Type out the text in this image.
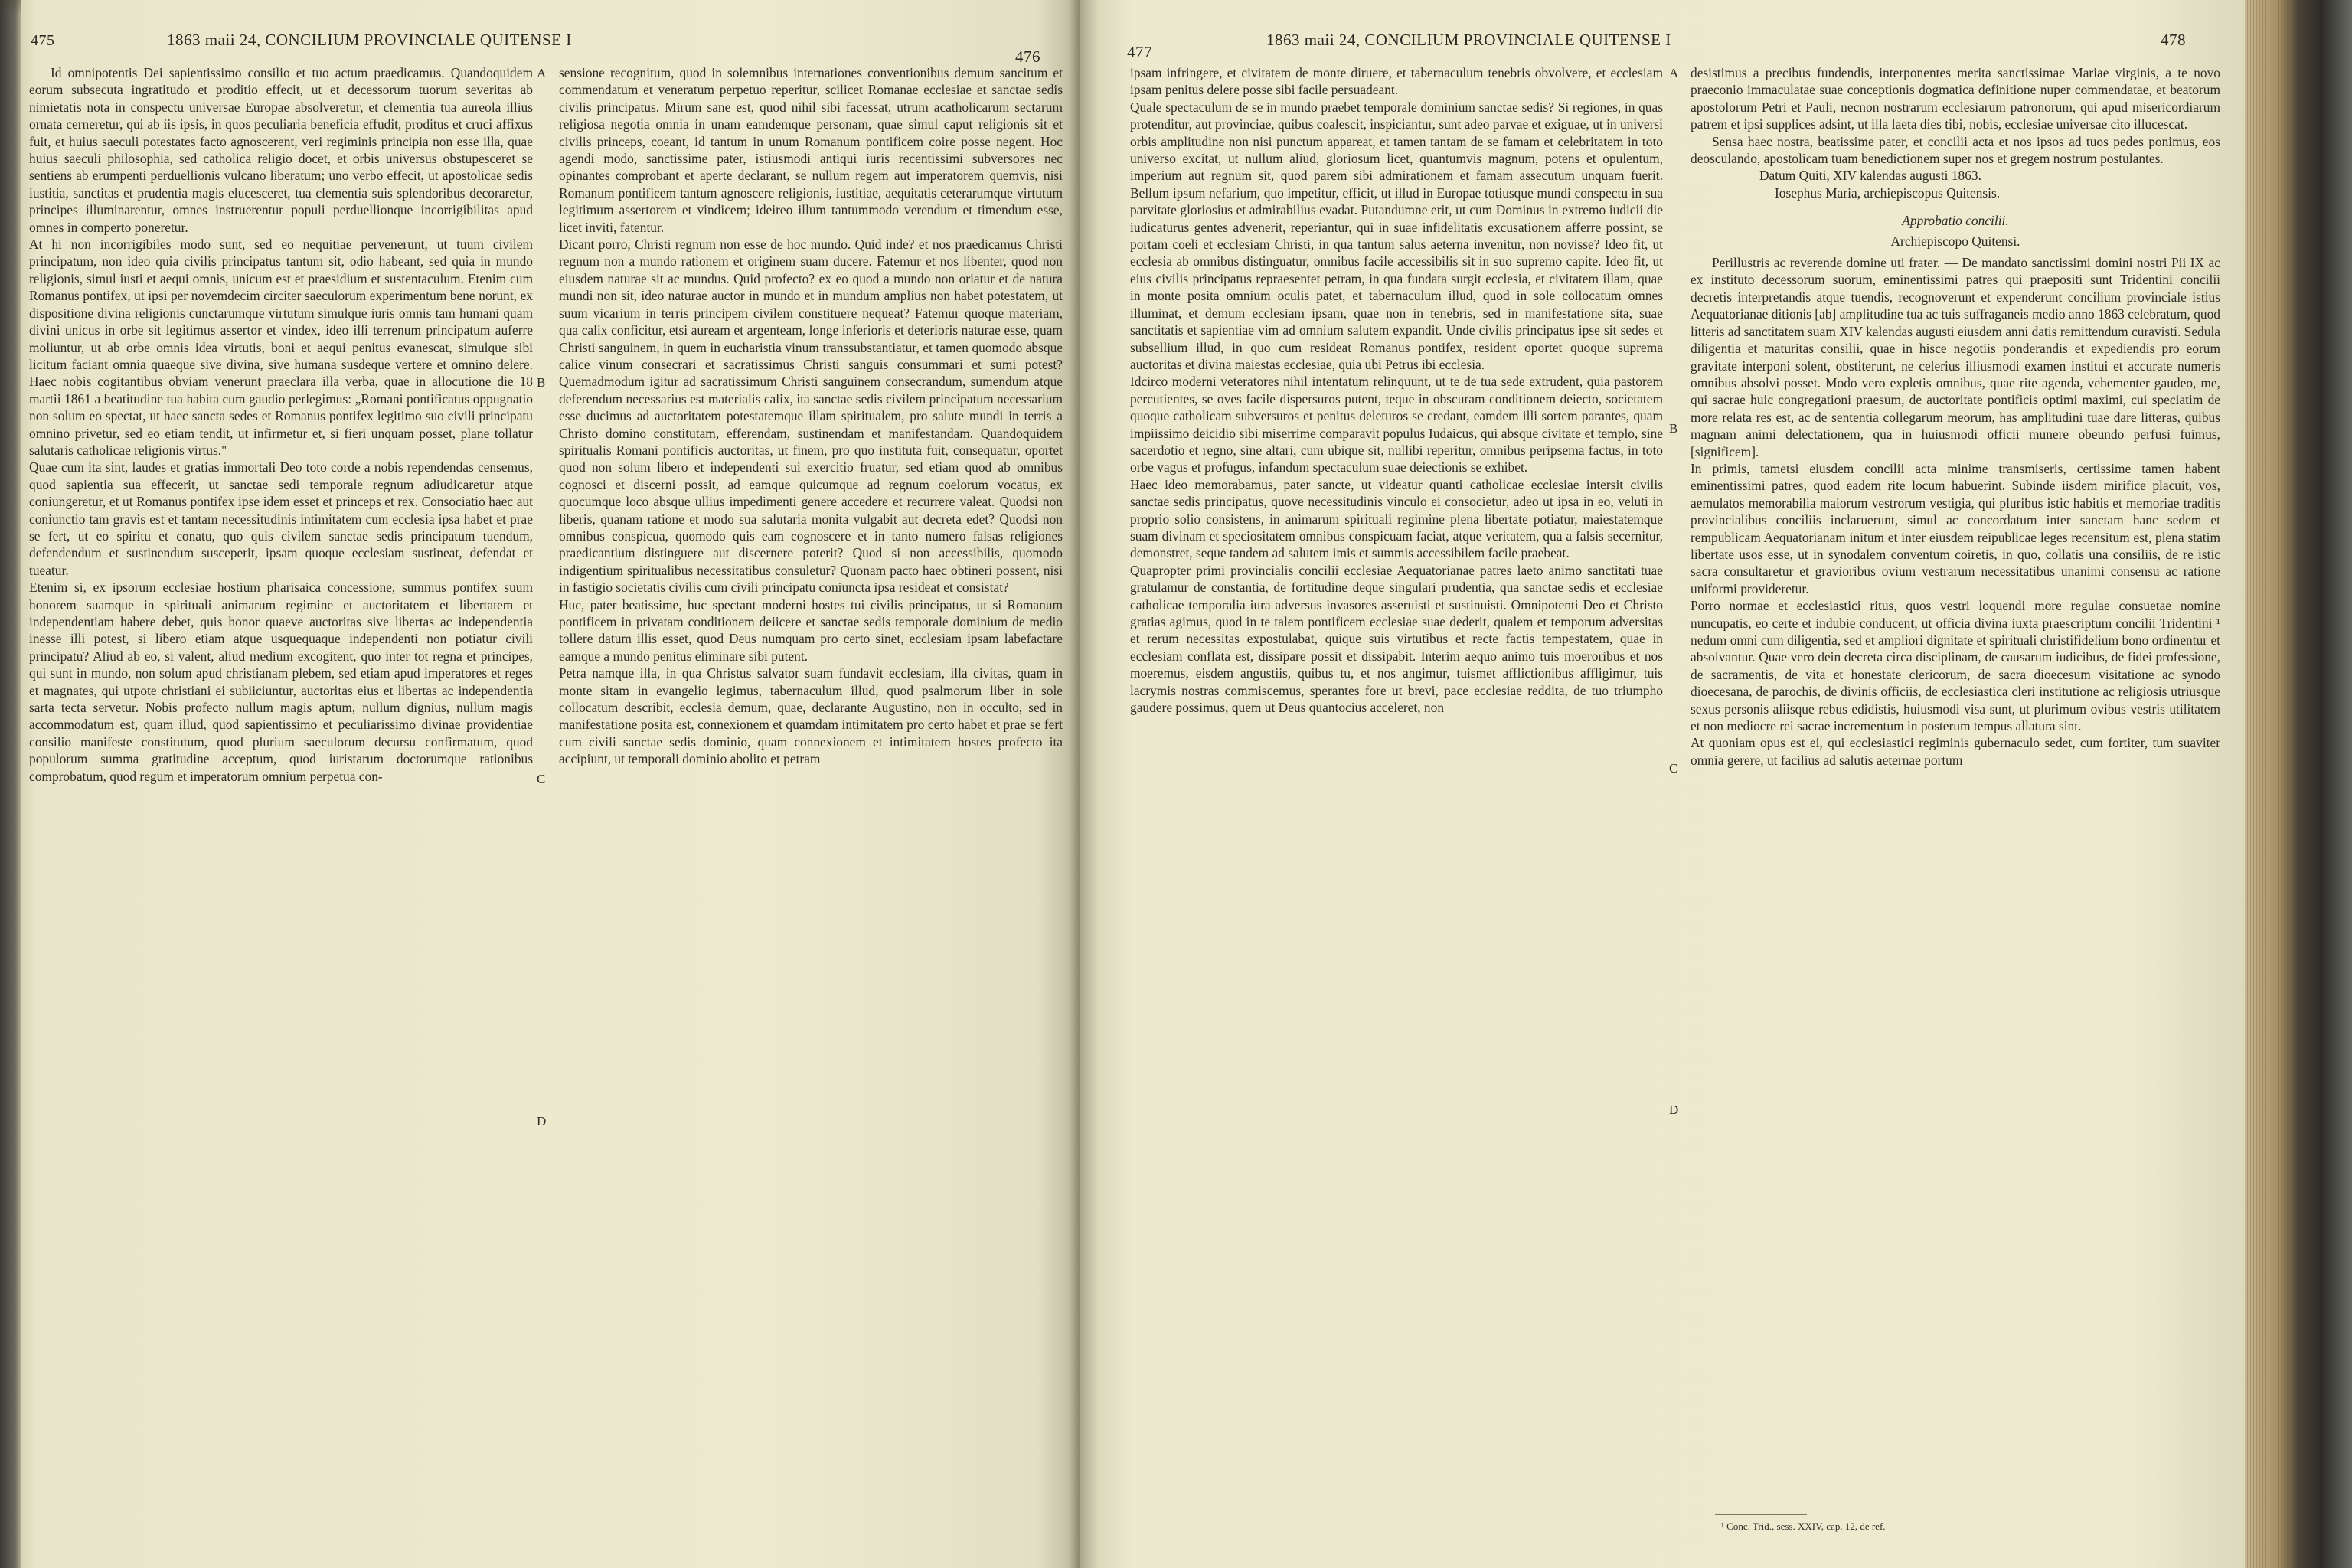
475	1863 maii 24, CONCILIUM PROVINCIALE QUITENSE I
476

Id omnipotentis Dei sapientissimo consilio et tuo actum praedicamus. Quandoquidem eorum subsecuta ingratitudo et proditio effecit, ut et decessorum tuorum severitas ab nimietatis nota in conspectu universae Europae absolveretur, et clementia tua aureola illius ornata cerneretur, qui ab iis ipsis, in quos peculiaria beneficia effudit, proditus et cruci affixus fuit, et huius saeculi potestates facto agnoscerent, veri regiminis principia non esse illa, quae huius saeculi philosophia, sed catholica religio docet, et orbis universus obstupesceret se sentiens ab erumpenti perduellionis vulcano liberatum; uno verbo effecit, ut apostolicae sedis iustitia, sanctitas et prudentia magis elucesceret, tua clementia suis splendoribus decoraretur, principes illuminarentur, omnes instruerentur populi perduellionque incorrigibilitas apud omnes in comperto poneretur.
At hi non incorrigibiles modo sunt, sed eo nequitiae pervenerunt, ut tuum civilem principatum, non ideo quia civilis principatus tantum sit, odio habeant, sed quia in mundo religionis, simul iusti et aequi omnis, unicum est et praesidium et sustentaculum. Etenim cum Romanus pontifex, ut ipsi per novemdecim circiter saeculorum experimentum bene norunt, ex dispositione divina religionis cunctarumque virtutum simulque iuris omnis tam humani quam divini unicus in orbe sit legitimus assertor et vindex, ideo illi terrenum principatum auferre moliuntur, ut ab orbe omnis idea virtutis, boni et aequi penitus evanescat, simulque sibi licitum faciant omnia quaeque sive divina, sive humana susdeque vertere et omnino delere. Haec nobis cogitantibus obviam venerunt praeclara illa verba, quae in allocutione die 18 martii 1861 a beatitudine tua habita cum gaudio perlegimus: „Romani pontificatus oppugnatio non solum eo spectat, ut haec sancta sedes et Romanus pontifex legitimo suo civili principatu omnino privetur, sed eo etiam tendit, ut infirmetur et, si fieri unquam posset, plane tollatur salutaris catholicae religionis virtus."
Quae cum ita sint, laudes et gratias immortali Deo toto corde a nobis rependendas censemus, quod sapientia sua effecerit, ut sanctae sedi temporale regnum adiudicaretur atque coniungeretur, et ut Romanus pontifex ipse idem esset et princeps et rex. Consociatio haec aut coniunctio tam gravis est et tantam necessitudinis intimitatem cum ecclesia ipsa habet et prae se fert, ut eo spiritu et conatu, quo quis civilem sanctae sedis principatum tuendum, defendendum et sustinendum susceperit, ipsam quoque ecclesiam sustineat, defendat et tueatur.
Etenim si, ex ipsorum ecclesiae hostium pharisaica concessione, summus pontifex suum honorem suamque in spirituali animarum regimine et auctoritatem et libertatem et independentiam habere debet, quis honor quaeve auctoritas sive libertas ac independentia inesse illi potest, si libero etiam atque usquequaque independenti non potiatur civili principatu? Aliud ab eo, si valent, aliud medium excogitent, quo inter tot regna et principes, qui sunt in mundo, non solum apud christianam plebem, sed etiam apud imperatores et reges et magnates, qui utpote christiani ei subiiciuntur, auctoritas eius et libertas ac independentia sarta tecta servetur. Nobis profecto nullum magis aptum, nullum dignius, nullum magis accommodatum est, quam illud, quod sapientissimo et peculiarissimo divinae providentiae consilio manifeste constitutum, quod plurium saeculorum decursu confirmatum, quod populorum summa gratitudine acceptum, quod iuristarum doctorumque rationibus comprobatum, quod regum et imperatorum omnium perpetua con-

sensione recognitum, quod in solemnibus internationes conventionibus demum sancitum et commendatum et veneratum perpetuo reperitur, scilicet Romanae ecclesiae et sanctae sedis civilis principatus. Mirum sane est, quod nihil sibi facessat, utrum acatholicarum sectarum religiosa negotia omnia in unam eamdemque personam, quae simul caput religionis sit et civilis princeps, coeant, id tantum in unum Romanum pontificem coire posse negent. Hoc agendi modo, sanctissime pater, istiusmodi antiqui iuris recentissimi subversores nec opinantes comprobant et aperte declarant, se nullum regem aut imperatorem quemvis, nisi Romanum pontificem tantum agnoscere religionis, iustitiae, aequitatis ceterarumque virtutum legitimum assertorem et vindicem; ideireo illum tantummodo verendum et timendum esse, licet inviti, fatentur.
Dicant porro, Christi regnum non esse de hoc mundo. Quid inde? et nos praedicamus Christi regnum non a mundo rationem et originem suam ducere. Fatemur et nos libenter, quod non eiusdem naturae sit ac mundus. Quid profecto? ex eo quod a mundo non oriatur et de natura mundi non sit, ideo naturae auctor in mundo et in mundum amplius non habet potestatem, ut suum vicarium in terris principem civilem constituere nequeat? Fatemur quoque materiam, qua calix conficitur, etsi auream et argenteam, longe inferioris et deterioris naturae esse, quam Christi sanguinem, in quem in eucharistia vinum transsubstantiatur, et tamen quomodo absque calice vinum consecrari et sacratissimus Christi sanguis consummari et sumi potest? Quemadmodum igitur ad sacratissimum Christi sanguinem consecrandum, sumendum atque deferendum necessarius est materialis calix, ita sanctae sedis civilem principatum necessarium esse ducimus ad auctoritatem potestatemque illam spiritualem, pro salute mundi in terris a Christo domino constitutam, efferendam, sustinendam et manifestandam. Quandoquidem spiritualis Romani pontificis auctoritas, ut finem, pro quo instituta fuit, consequatur, oportet quod non solum libero et independenti sui exercitio fruatur, sed etiam quod ab omnibus cognosci et discerni possit, ad eamque quicumque ad regnum coelorum vocatus, ex quocumque loco absque ullius impedimenti genere accedere et recurrere valeat. Quodsi non liberis, quanam ratione et modo sua salutaria monita vulgabit aut decreta edet? Quodsi non omnibus conspicua, quomodo quis eam cognoscere et in tanto numero falsas religiones praedicantium distinguere aut discernere poterit? Quod si non accessibilis, quomodo indigentium spiritualibus necessitatibus consuletur? Quonam pacto haec obtineri possent, nisi in fastigio societatis civilis cum civili principatu coniuncta ipsa resideat et consistat?
Huc, pater beatissime, huc spectant moderni hostes tui civilis principatus, ut si Romanum pontificem in privatam conditionem deiicere et sanctae sedis temporale dominium de medio tollere datum illis esset, quod Deus numquam pro certo sinet, ecclesiam ipsam labefactare eamque a mundo penitus eliminare sibi putent.
Petra namque illa, in qua Christus salvator suam fundavit ecclesiam, illa civitas, quam in monte sitam in evangelio legimus, tabernaculum illud, quod psalmorum liber in sole collocatum describit, ecclesia demum, quae, declarante Augustino, non in occulto, sed in manifestatione posita est, connexionem et quamdam intimitatem pro certo habet et prae se fert cum civili sanctae sedis dominio, quam connexionem et intimitatem hostes profecto ita accipiunt, ut temporali dominio abolito et petram

A
B
C
D
477
1863 maii 24, CONCILIUM PROVINCIALE QUITENSE I	478

ipsam infringere, et civitatem de monte diruere, et tabernaculum tenebris obvolvere, et ecclesiam ipsam penitus delere posse sibi facile persuadeant.
Quale spectaculum de se in mundo praebet temporale dominium sanctae sedis? Si regiones, in quas protenditur, aut provinciae, quibus coalescit, inspiciantur, sunt adeo parvae et exiguae, ut in universi orbis amplitudine non nisi punctum appareat, et tamen tantam de se famam et celebritatem in toto universo excitat, ut nullum aliud, gloriosum licet, quantumvis magnum, potens et opulentum, imperium aut regnum sit, quod parem sibi admirationem et famam assecutum unquam fuerit. Bellum ipsum nefarium, quo impetitur, efficit, ut illud in Europae totiusque mundi conspectu in sua parvitate gloriosius et admirabilius evadat. Putandumne erit, ut cum Dominus in extremo iudicii die iudicaturus gentes advenerit, reperiantur, qui in suae infidelitatis excusationem afferre possint, se portam coeli et ecclesiam Christi, in qua tantum salus aeterna invenitur, non novisse? Ideo fit, ut ecclesia ab omnibus distinguatur, omnibus facile accessibilis sit in suo supremo capite. Ideo fit, ut eius civilis principatus repraesentet petram, in qua fundata surgit ecclesia, et civitatem illam, quae in monte posita omnium oculis patet, et tabernaculum illud, quod in sole collocatum omnes illuminat, et demum ecclesiam ipsam, quae non in tenebris, sed in manifestatione sita, suae sanctitatis et sapientiae vim ad omnium salutem expandit. Unde civilis principatus ipse sit sedes et subsellium illud, in quo cum resideat Romanus pontifex, resident oportet quoque suprema auctoritas et divina maiestas ecclesiae, quia ubi Petrus ibi ecclesia.
Idcirco moderni veteratores nihil intentatum relinquunt, ut te de tua sede extrudent, quia pastorem percutientes, se oves facile dispersuros putent, teque in obscuram conditionem deiecto, societatem quoque catholicam subversuros et penitus deleturos se credant, eamdem illi sortem parantes, quam impiissimo deicidio sibi miserrime comparavit populus Iudaicus, qui absque civitate et templo, sine sacerdotio et regno, sine altari, cum ubique sit, nullibi reperitur, omnibus peripsema factus, in toto orbe vagus et profugus, infandum spectaculum suae deiectionis se exhibet.
Haec ideo memorabamus, pater sancte, ut videatur quanti catholicae ecclesiae intersit civilis sanctae sedis principatus, quove necessitudinis vinculo ei consocietur, adeo ut ipsa in eo, veluti in proprio solio consistens, in animarum spirituali regimine plena libertate potiatur, maiestatemque suam divinam et speciositatem omnibus conspicuam faciat, atque veritatem, qua a falsis secernitur, demonstret, seque tandem ad salutem imis et summis accessibilem facile praebeat.
Quapropter primi provincialis concilii ecclesiae Aequatorianae patres laeto animo sanctitati tuae gratulamur de constantia, de fortitudine deque singulari prudentia, qua sanctae sedis et ecclesiae catholicae temporalia iura adversus invasores asseruisti et sustinuisti. Omnipotenti Deo et Christo gratias agimus, quod in te talem pontificem ecclesiae suae dederit, qualem et temporum adversitas et rerum necessitas expostulabat, quique suis virtutibus et recte factis tempestatem, quae in ecclesiam conflata est, dissipare possit et dissipabit. Interim aequo animo tuis moeroribus et nos moeremus, eisdem angustiis, quibus tu, et nos angimur, tuismet afflictionibus affligimur, tuis lacrymis nostras commiscemus, sperantes fore ut brevi, pace ecclesiae reddita, de tuo triumpho gaudere possimus, quem ut Deus quantocius acceleret, non

desistimus a precibus fundendis, interponentes merita sanctissimae Mariae virginis, a te novo praeconio immaculatae suae conceptionis dogmatica definitione nuper commendatae, et beatorum apostolorum Petri et Pauli, necnon nostrarum ecclesiarum patronorum, qui apud misericordiarum patrem et ipsi supplices adsint, ut illa laeta dies tibi, nobis, ecclesiae universae cito illucescat.

Sensa haec nostra, beatissime pater, et concilii acta et nos ipsos ad tuos pedes ponimus, eos deosculando, apostolicam tuam benedictionem super nos et gregem nostrum postulantes.

Datum Quiti, XIV kalendas augusti 1863.

Iosephus Maria, archiepiscopus Quitensis.

Approbatio concilii.

Archiepiscopo Quitensi.

Perillustris ac reverende domine uti frater. — De mandato sanctissimi domini nostri Pii IX ac ex instituto decessorum suorum, eminentissimi patres qui praepositi sunt Tridentini concilii decretis interpretandis atque tuendis, recognoverunt et expenderunt concilium provinciale istius Aequatorianae ditionis [ab] amplitudine tua ac tuis suffraganeis medio anno 1863 celebratum, quod litteris ad sanctitatem suam XIV kalendas augusti eiusdem anni datis remittendum curavisti. Sedula diligentia et maturitas consilii, quae in hisce negotiis ponderandis et expediendis pro eorum gravitate interponi solent, obstiterunt, ne celerius illiusmodi examen institui et accurate numeris omnibus absolvi posset. Modo vero expletis omnibus, quae rite agenda, vehementer gaudeo, me, qui sacrae huic congregationi praesum, de auctoritate pontificis optimi maximi, cui speciatim de more relata res est, ac de sententia collegarum meorum, has amplitudini tuae dare litteras, quibus magnam animi delectationem, qua in huiusmodi officii munere obeundo perfusi fuimus, [significem].
In primis, tametsi eiusdem concilii acta minime transmiseris, certissime tamen habent eminentissimi patres, quod eadem rite locum habuerint. Subinde iisdem mirifice placuit, vos, aemulatos memorabilia maiorum vestrorum vestigia, qui pluribus istic habitis et memoriae traditis provincialibus conciliis inclaruerunt, simul ac concordatum inter sanctam hanc sedem et rempublicam Aequatorianam initum et inter eiusdem reipublicae leges recensitum est, plena statim libertate usos esse, ut in synodalem conventum coiretis, in quo, collatis una consiliis, de re istic sacra consultaretur et gravioribus ovium vestrarum necessitatibus unanimi consensu ac ratione uniformi provideretur.
Porro normae et ecclesiastici ritus, quos vestri loquendi more regulae consuetae nomine nuncupatis, eo certe et indubie conducent, ut officia divina iuxta praescriptum concilii Tridentini ¹ nedum omni cum diligentia, sed et ampliori dignitate et spirituali christifidelium bono ordinentur et absolvantur. Quae vero dein decreta circa disciplinam, de causarum iudicibus, de fidei professione, de sacramentis, de vita et honestate clericorum, de sacra dioecesum visitatione ac synodo dioecesana, de parochis, de divinis officiis, de ecclesiastica cleri institutione ac religiosis utriusque sexus personis aliisque rebus edidistis, huiusmodi visa sunt, ut plurimum ovibus vestris utilitatem et non mediocre rei sacrae incrementum in posterum tempus allatura sint.
At quoniam opus est ei, qui ecclesiastici regiminis gubernaculo sedet, cum fortiter, tum suaviter omnia gerere, ut facilius ad salutis aeternae portum

A
B
C
D
¹ Conc. Trid., sess. XXIV, cap. 12, de ref.
